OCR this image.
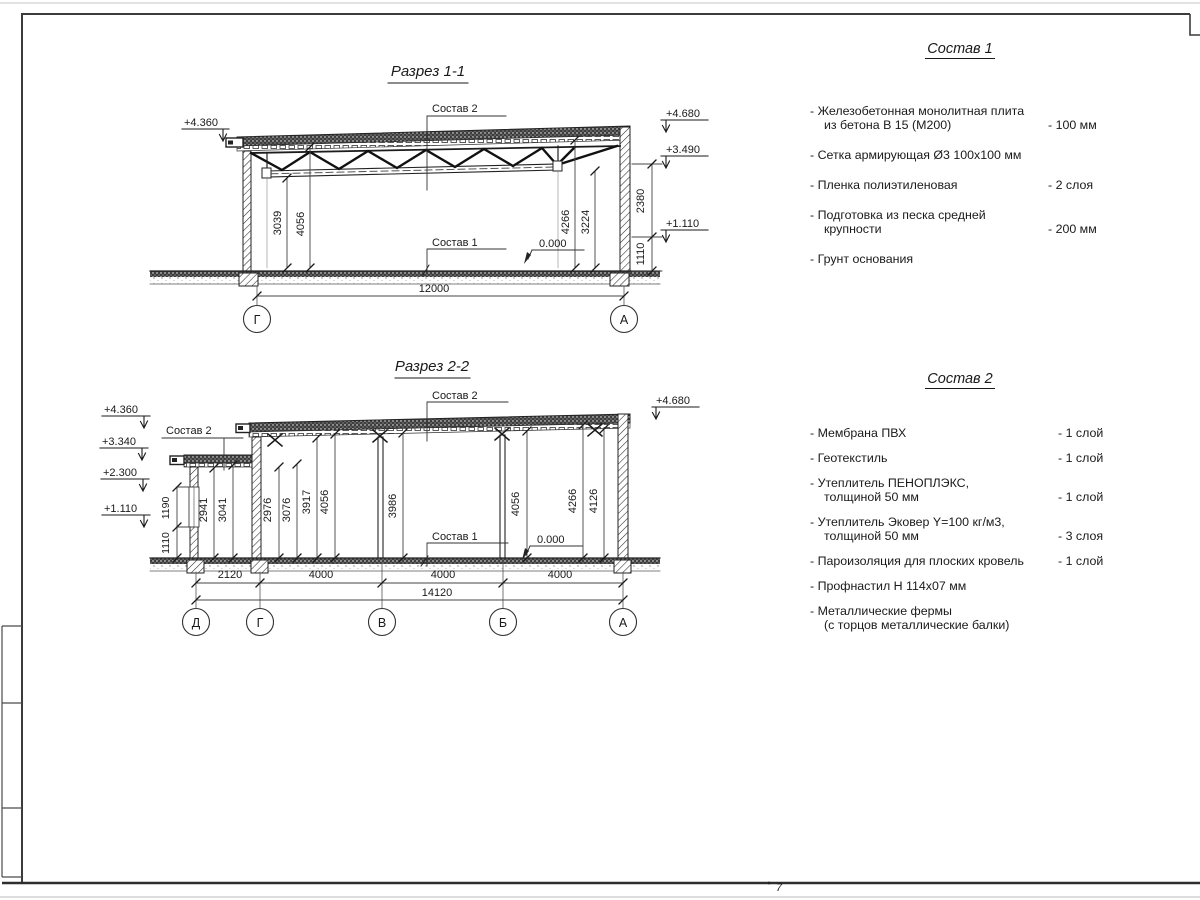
7
Разрез 1-1
3039 4056	4266 3224
2380
1110
+4.360
+4.680
+3.490
+1.110
Состав 2
Состав 1	0.000
12000
Г	А
Разрез 2-2
1190
1110
2941 3041	2976 3076 3917 4056	3986	4056	4266 4126
+4.360
+3.340
+2.300
+1.110
+4.680
Состав 2
Состав 2
Состав 1	0.000
2120	4000	4000	4000
14120
Д	Г	В	Б	А
Состав 1
- Железобетонная монолитная плита
из бетона В 15 (М200)	- 100 мм
- Сетка армирующая Ø3 100х100 мм
- Пленка полиэтиленовая	- 2 слоя
- Подготовка из песка средней
крупности	- 200 мм
- Грунт основания
Состав 2
- Мембрана ПВХ	- 1 слой
- Геотекстиль	- 1 слой
- Утеплитель ПЕНОПЛЭКС,
толщиной 50 мм	- 1 слой
- Утеплитель Эковер Y=100 кг/м3,
толщиной 50 мм	- 3 слоя
- Пароизоляция для плоских кровель	- 1 слой
- Профнастил Н 114х07 мм
- Металлические фермы
(с торцов металлические балки)
